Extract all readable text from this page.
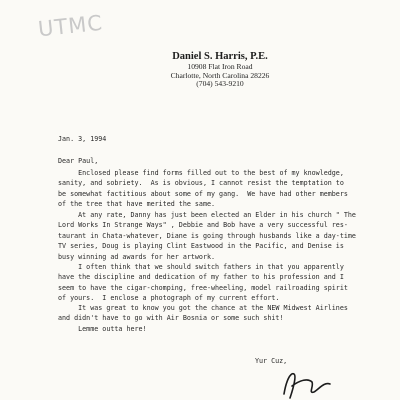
UTMC
Daniel S. Harris, P.E.
10908 Flat Iron Road
Charlotte, North Carolina 28226
(704) 543-9210
Jan. 3, 1994
Dear Paul,
Enclosed please find forms filled out to the best of my knowledge,
sanity, and sobriety.  As is obvious, I cannot resist the temptation to
be somewhat factitious about some of my gang.  We have had other members
of the tree that have merited the same.
At any rate, Danny has just been elected an Elder in his church " The
Lord Works In Strange Ways" , Debbie and Bob have a very successful res-
taurant in Chata-whatever, Diane is going through husbands like a day-time
TV series, Doug is playing Clint Eastwood in the Pacific, and Denise is
busy winning ad awards for her artwork.
I often think that we should switch fathers in that you apparently
have the discipline and dedication of my father to his profession and I
seem to have the cigar-chomping, free-wheeling, model railroading spirit
of yours.  I enclose a photograph of my current effort.
It was great to know you got the chance at the NEW Midwest Airlines
and didn't have to go with Air Bosnia or some such shit!
Lemme outta here!
Yur Cuz,
